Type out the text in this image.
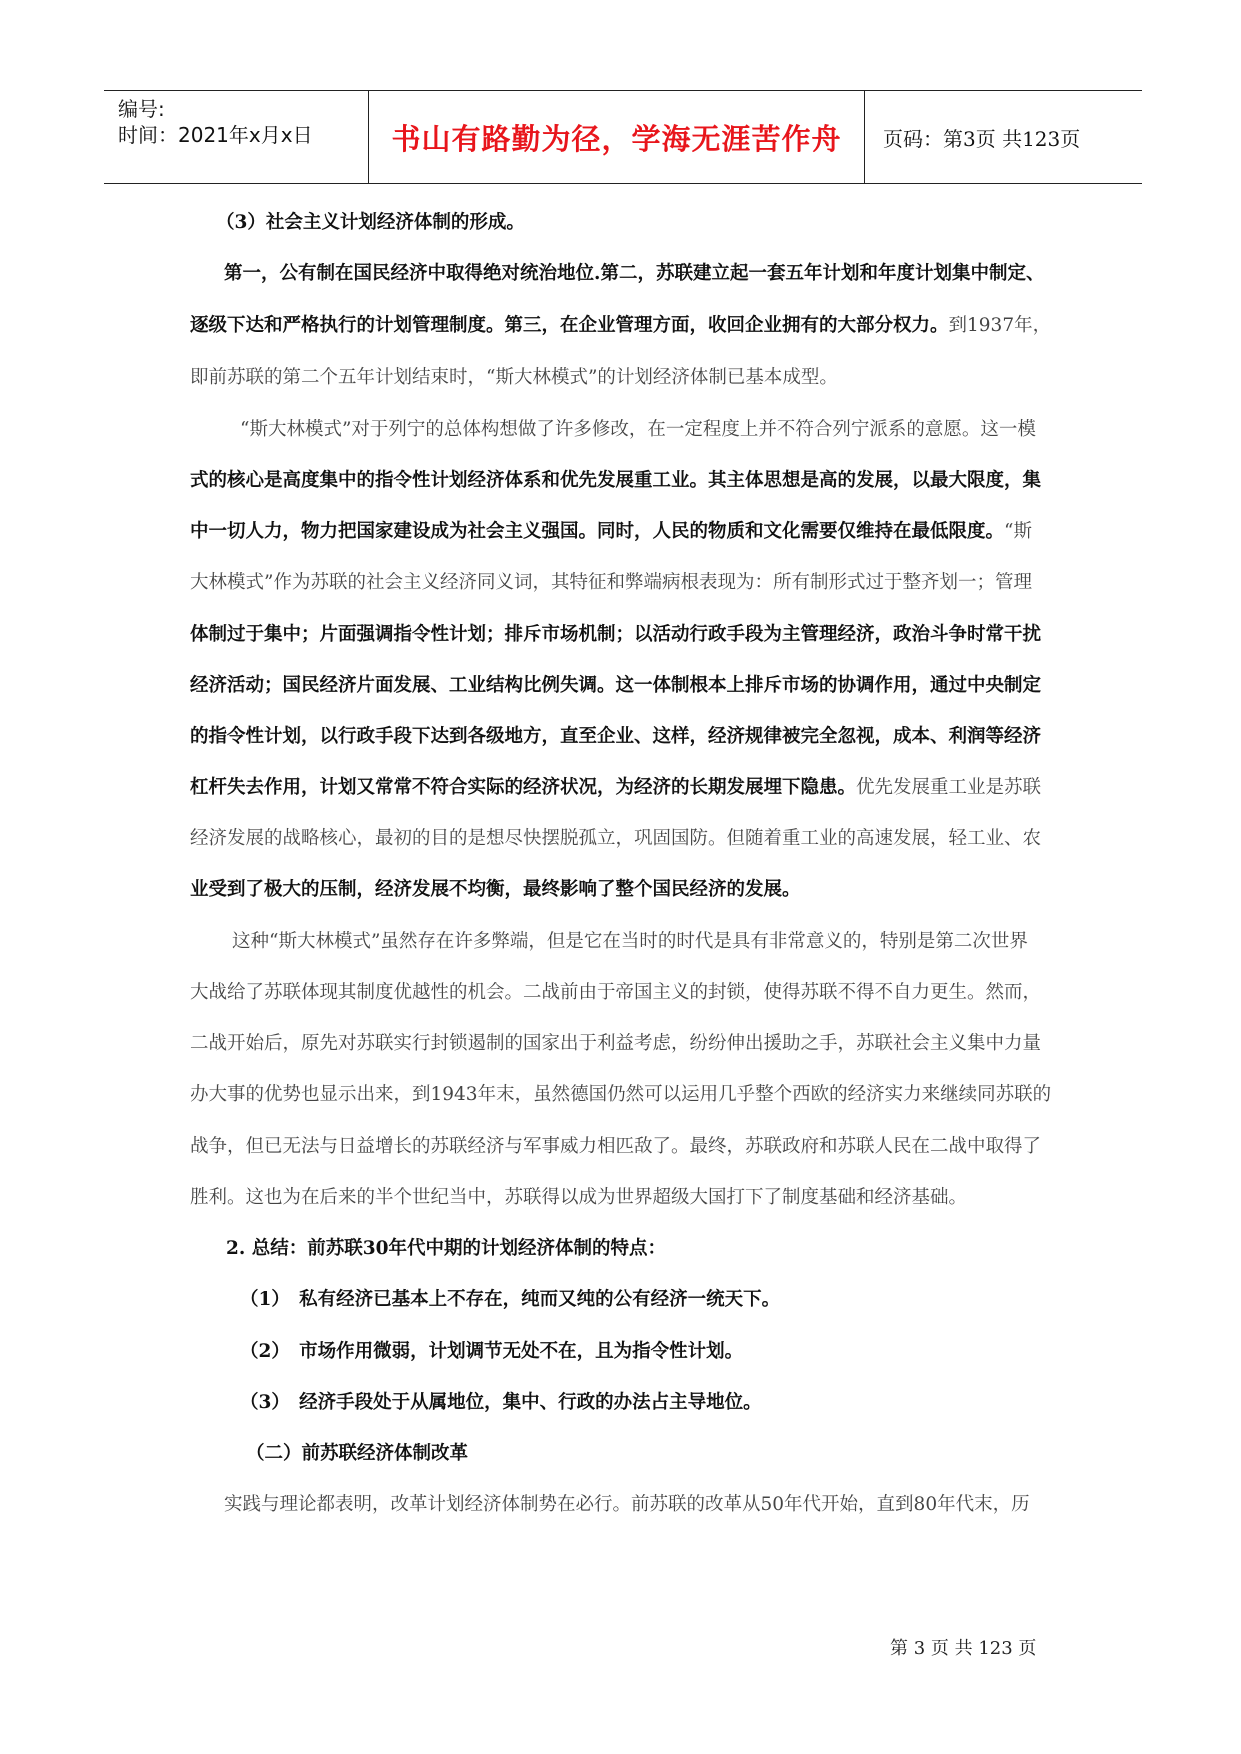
编号:
时间：2021年x月x日	书山有路勤为径，学海无涯苦作舟 页码：第3页 共123页
（3）社会主义计划经济体制的形成。
第一，公有制在国民经济中取得绝对统治地位.第二，苏联建立起一套五年计划和年度计划集中制定、
逐级下达和严格执行的计划管理制度。第三，在企业管理方面，收回企业拥有的大部分权力。到1937年，
即前苏联的第二个五年计划结束时，“斯大林模式”的计划经济体制已基本成型。
“斯大林模式”对于列宁的总体构想做了许多修改，在一定程度上并不符合列宁派系的意愿。这一模
式的核心是高度集中的指令性计划经济体系和优先发展重工业。其主体思想是高的发展，以最大限度，集
中一切人力，物力把国家建设成为社会主义强国。同时，人民的物质和文化需要仅维持在最低限度。“斯
大林模式”作为苏联的社会主义经济同义词，其特征和弊端病根表现为：所有制形式过于整齐划一；管理
体制过于集中；片面强调指令性计划；排斥市场机制；以活动行政手段为主管理经济，政治斗争时常干扰
经济活动；国民经济片面发展、工业结构比例失调。这一体制根本上排斥市场的协调作用，通过中央制定
的指令性计划，以行政手段下达到各级地方，直至企业、这样，经济规律被完全忽视，成本、利润等经济
杠杆失去作用，计划又常常不符合实际的经济状况，为经济的长期发展埋下隐患。优先发展重工业是苏联
经济发展的战略核心，最初的目的是想尽快摆脱孤立，巩固国防。但随着重工业的高速发展，轻工业、农
业受到了极大的压制，经济发展不均衡，最终影响了整个国民经济的发展。
这种“斯大林模式”虽然存在许多弊端，但是它在当时的时代是具有非常意义的，特别是第二次世界
大战给了苏联体现其制度优越性的机会。二战前由于帝国主义的封锁，使得苏联不得不自力更生。然而，
二战开始后，原先对苏联实行封锁遏制的国家出于利益考虑，纷纷伸出援助之手，苏联社会主义集中力量
办大事的优势也显示出来，到1943年末，虽然德国仍然可以运用几乎整个西欧的经济实力来继续同苏联的
战争，但已无法与日益增长的苏联经济与军事威力相匹敌了。最终，苏联政府和苏联人民在二战中取得了
胜利。这也为在后来的半个世纪当中，苏联得以成为世界超级大国打下了制度基础和经济基础。
2. 总结：前苏联30年代中期的计划经济体制的特点：
（1）　私有经济已基本上不存在，纯而又纯的公有经济一统天下。
（2）　市场作用微弱，计划调节无处不在，且为指令性计划。
（3）　经济手段处于从属地位，集中、行政的办法占主导地位。
（二）前苏联经济体制改革
实践与理论都表明，改革计划经济体制势在必行。前苏联的改革从50年代开始，直到80年代末，历
第 3 页 共 123 页
